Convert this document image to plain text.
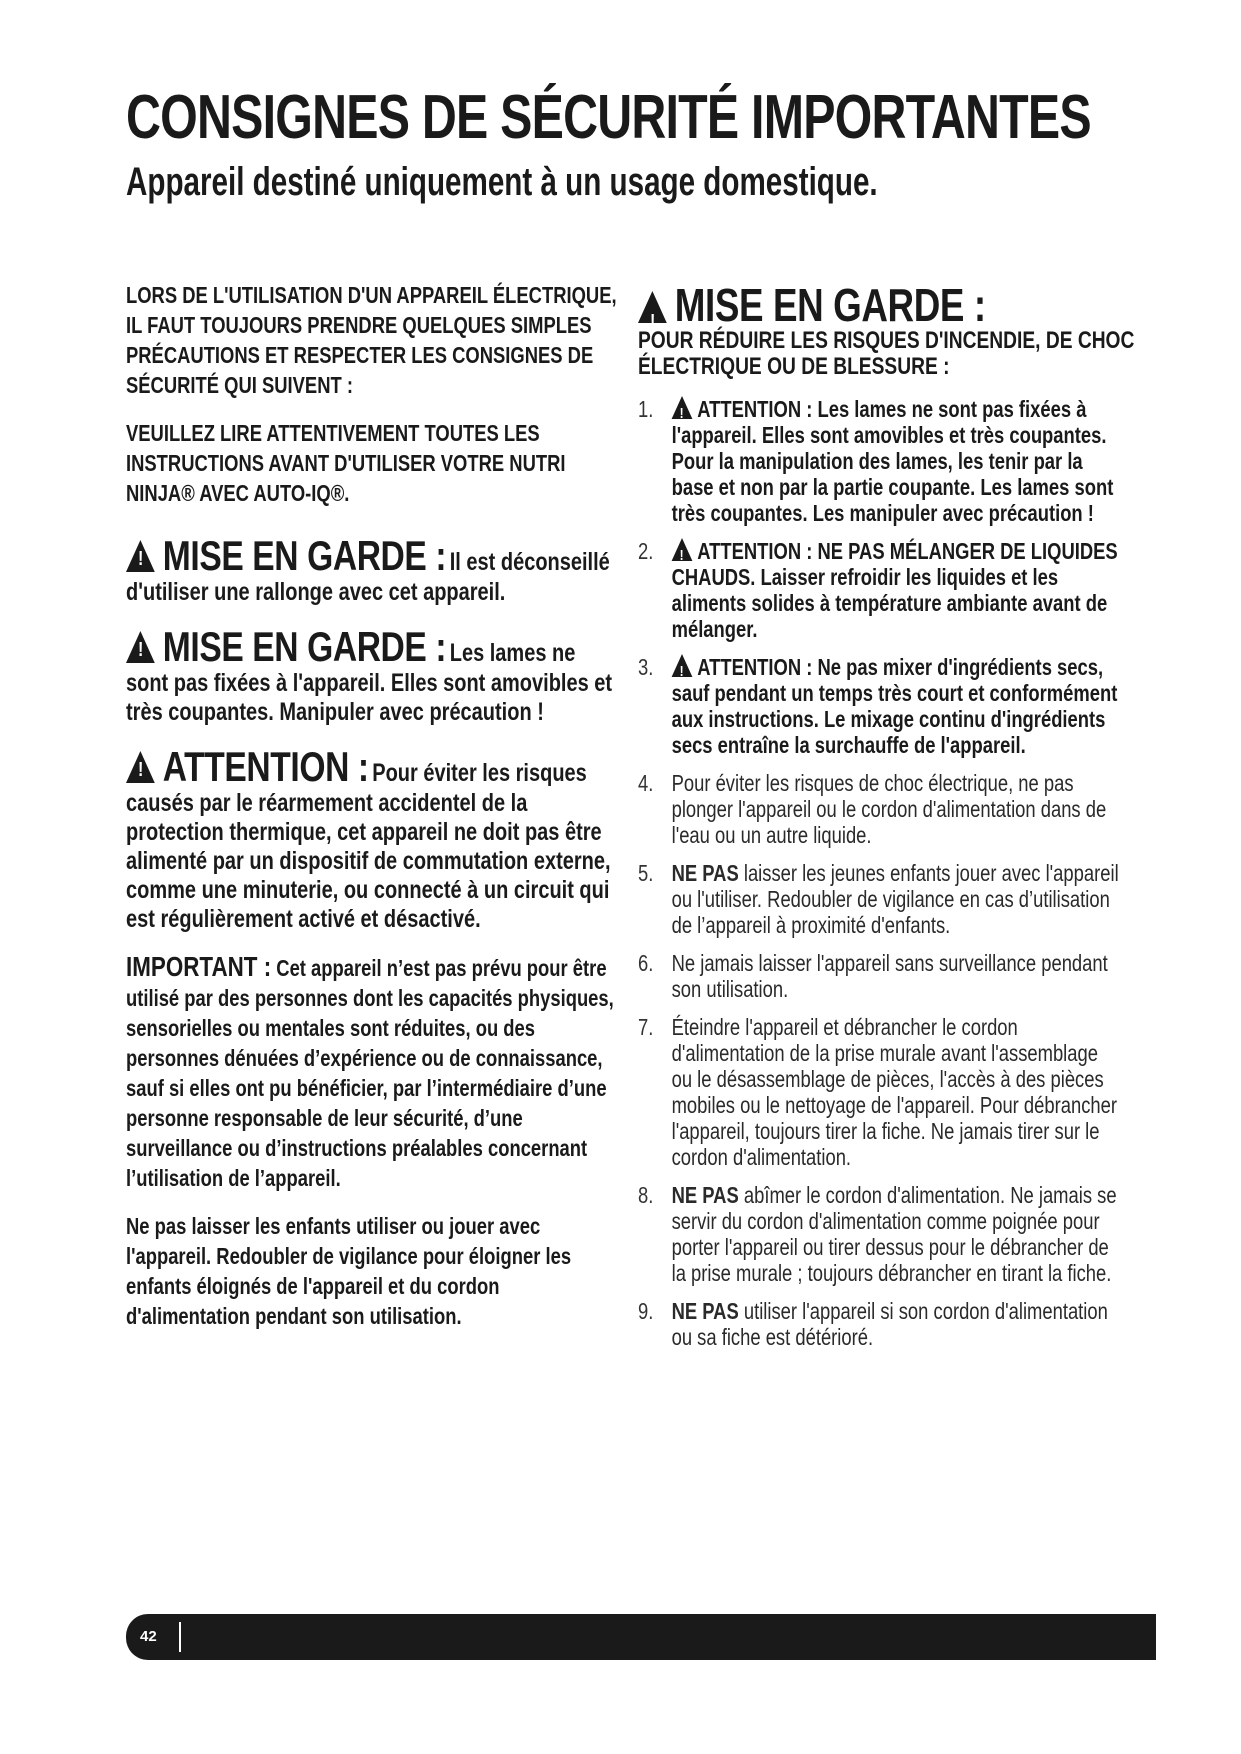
CONSIGNES DE SÉCURITÉ IMPORTANTES
Appareil destiné uniquement à un usage domestique.

LORS DE L'UTILISATION D'UN APPAREIL ÉLECTRIQUE, IL FAUT TOUJOURS PRENDRE QUELQUES SIMPLES PRÉCAUTIONS ET RESPECTER LES CONSIGNES DE SÉCURITÉ QUI SUIVENT :

VEUILLEZ LIRE ATTENTIVEMENT TOUTES LES INSTRUCTIONS AVANT D'UTILISER VOTRE NUTRI NINJA® AVEC AUTO-IQ®.

!MISE EN GARDE : Il est déconseillé d'utiliser une rallonge avec cet appareil.
!MISE EN GARDE : Les lames ne sont pas fixées à l'appareil. Elles sont amovibles et très coupantes. Manipuler avec précaution !
!ATTENTION : Pour éviter les risques causés par le réarmement accidentel de la protection thermique, cet appareil ne doit pas être alimenté par un dispositif de commutation externe, comme une minuterie, ou connecté à un circuit qui est régulièrement activé et désactivé.

IMPORTANT : Cet appareil n’est pas prévu pour être utilisé par des personnes dont les capacités physiques, sensorielles ou mentales sont réduites, ou des personnes dénuées d’expérience ou de connaissance, sauf si elles ont pu bénéficier, par l’intermédiaire d’une personne responsable de leur sécurité, d’une surveillance ou d’instructions préalables concernant l’utilisation de l’appareil.

Ne pas laisser les enfants utiliser ou jouer avec l'appareil. Redoubler de vigilance pour éloigner les enfants éloignés de l'appareil et du cordon d'alimentation pendant son utilisation.

!MISE EN GARDE :

POUR RÉDUIRE LES RISQUES D'INCENDIE, DE CHOC ÉLECTRIQUE OU DE BLESSURE :

1. !	ATTENTION : Les lames ne sont pas fixées à l'appareil. Elles sont amovibles et très coupantes. Pour la manipulation des lames, les tenir par la base et non par la partie coupante. Les lames sont très coupantes. Les manipuler avec précaution !
2. !	ATTENTION : NE PAS MÉLANGER DE LIQUIDES CHAUDS. Laisser refroidir les liquides et les aliments solides à température ambiante avant de mélanger.
3. !	ATTENTION : Ne pas mixer d'ingrédients secs, sauf pendant un temps très court et conformément aux instructions. Le mixage continu d'ingrédients secs entraîne la surchauffe de l'appareil.
4. Pour éviter les risques de choc électrique, ne pas plonger l'appareil ou le cordon d'alimentation dans de l'eau ou un autre liquide.
5. NE PAS laisser les jeunes enfants jouer avec l'appareil ou l'utiliser. Redoubler de vigilance en cas d’utilisation de l’appareil à proximité d'enfants.
6. Ne jamais laisser l'appareil sans surveillance pendant son utilisation.
7. Éteindre l'appareil et débrancher le cordon d'alimentation de la prise murale avant l'assemblage ou le désassemblage de pièces, l'accès à des pièces mobiles ou le nettoyage de l'appareil. Pour débrancher l'appareil, toujours tirer la fiche. Ne jamais tirer sur le cordon d'alimentation.
8. NE PAS abîmer le cordon d'alimentation. Ne jamais se servir du cordon d'alimentation comme poignée pour porter l'appareil ou tirer dessus pour le débrancher de la prise murale ; toujours débrancher en tirant la fiche.
9. NE PAS utiliser l'appareil si son cordon d'alimentation ou sa fiche est détérioré.
42
